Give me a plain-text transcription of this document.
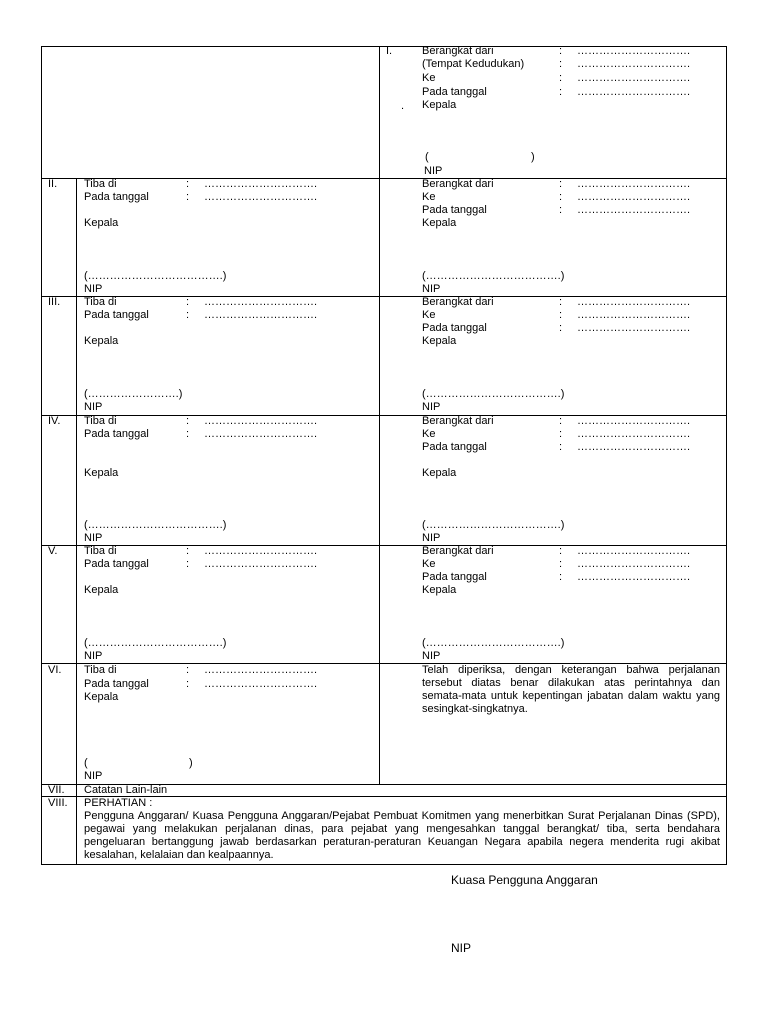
I.	Berangkat dari	: ………………………….
(Tempat Kedudukan)	: ………………………….
Ke	: ………………………….
Pada tanggal	: ………………………….
. Kepala
(	)
NIP
II. Tiba di	: ………………………….
Pada tanggal	: ………………………….
Kepala
(……………………………….)
NIP
Berangkat dari	: ………………………….
Ke	: ………………………….
Pada tanggal	: ………………………….
Kepala
(……………………………….)
NIP
III. Tiba di	: ………………………….
Pada tanggal	: ………………………….
Kepala
(…………………….)
NIP
Berangkat dari	: ………………………….
Ke	: ………………………….
Pada tanggal	: ………………………….
Kepala
(……………………………….)
NIP
IV. Tiba di	: ………………………….
Pada tanggal	: ………………………….
Kepala
(……………………………….)
NIP
Berangkat dari	: ………………………….
Ke	: ………………………….
Pada tanggal	: ………………………….
Kepala
(……………………………….)
NIP
V. Tiba di	: ………………………….
Pada tanggal	: ………………………….
Kepala
(……………………………….)
NIP
Berangkat dari	: ………………………….
Ke	: ………………………….
Pada tanggal	: ………………………….
Kepala
(……………………………….)
NIP
VI. Tiba di	: ………………………….
Pada tanggal	: ………………………….
Kepala
(	)
NIP
Telah diperiksa, dengan keterangan bahwa perjalanan tersebut diatas benar dilakukan atas perintahnya dan semata-mata untuk kepentingan jabatan dalam waktu yang sesingkat-singkatnya.
VII. Catatan Lain-lain
VIII. PERHATIAN :
Pengguna Anggaran/ Kuasa Pengguna Anggaran/Pejabat Pembuat Komitmen yang menerbitkan Surat Perjalanan Dinas (SPD), pegawai yang melakukan perjalanan dinas, para pejabat yang mengesahkan tanggal berangkat/ tiba, serta bendahara pengeluaran bertanggung jawab berdasarkan peraturan-peraturan Keuangan Negara apabila negera menderita rugi akibat kesalahan, kelalaian dan kealpaannya.
Kuasa Pengguna Anggaran
NIP
